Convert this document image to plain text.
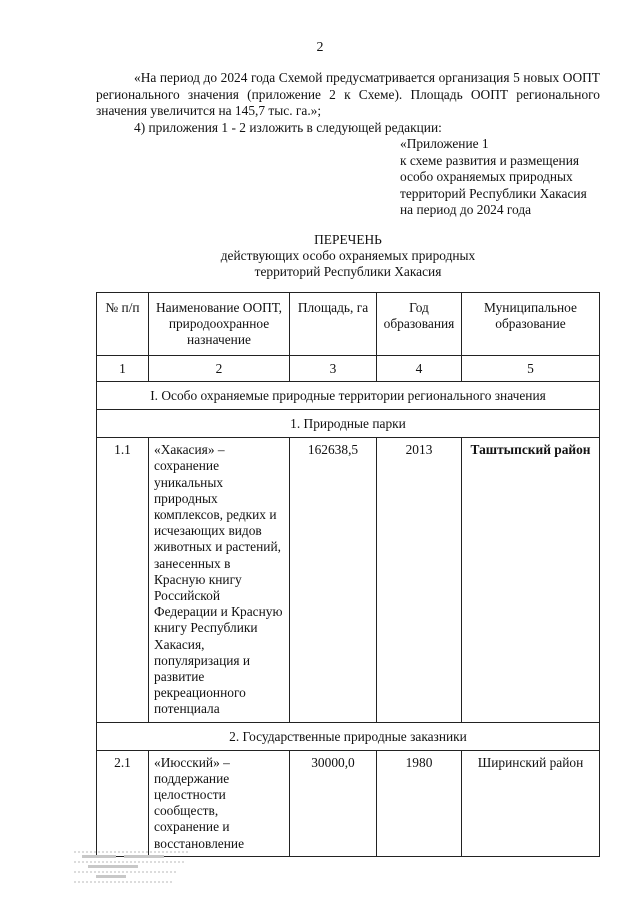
2

«На период до 2024 года Схемой предусматривается организация 5 новых ООПТ регионального значения (приложение 2 к Схеме). Площадь ООПТ регионального значения увеличится на 145,7 тыс. га.»;

4) приложения 1 - 2 изложить в следующей редакции:

«Приложение 1
к схеме развития и размещения
особо охраняемых природных
территорий Республики Хакасия
на период до 2024 года
ПЕРЕЧЕНЬ
действующих особо охраняемых природных
территорий Республики Хакасия
№ п/п	Наименование ООПТ, природоохранное назначение	Площадь, га	Год образования	Муниципальное образование
1	2	3	4	5
I. Особо охраняемые природные территории регионального значения				
1. Природные парки				
1.1	«Хакасия» – сохранение уникальных природных комплексов, редких и исчезающих видов животных и растений, занесенных в Красную книгу Российской Федерации и Красную книгу Республики Хакасия, популяризация и развитие рекреационного потенциала	162638,5	2013	Таштыпский район
2. Государственные природные заказники				
2.1	«Июсский» – поддержание целостности сообществ, сохранение и восстановление	30000,0	1980	Ширинский район
